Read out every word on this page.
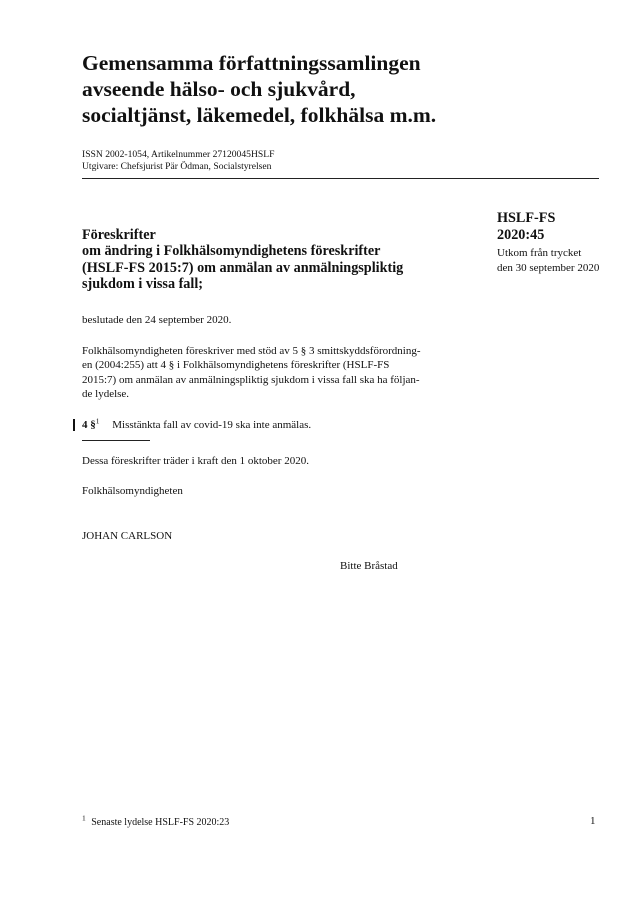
Gemensamma författningssamlingen
avseende hälso- och sjukvård,
socialtjänst, läkemedel, folkhälsa m.m.
ISSN 2002-1054, Artikelnummer 27120045HSLF
Utgivare: Chefsjurist Pär Ödman, Socialstyrelsen
HSLF-FS
2020:45
Utkom från trycket
den 30 september 2020
Föreskrifter
om ändring i Folkhälsomyndighetens föreskrifter
(HSLF-FS 2015:7) om anmälan av anmälningspliktig
sjukdom i vissa fall;
beslutade den 24 september 2020.
Folkhälsomyndigheten föreskriver med stöd av 5 § 3 smittskyddsförordning-
en (2004:255) att 4 § i Folkhälsomyndighetens föreskrifter (HSLF-FS
2015:7) om anmälan av anmälningspliktig sjukdom i vissa fall ska ha följan-
de lydelse.
4 §$^1$ Misstänkta fall av covid-19 ska inte anmälas.
Dessa föreskrifter träder i kraft den 1 oktober 2020.
Folkhälsomyndigheten
JOHAN CARLSON
Bitte Bråstad
$^1$ Senaste lydelse HSLF-FS 2020:23	1
